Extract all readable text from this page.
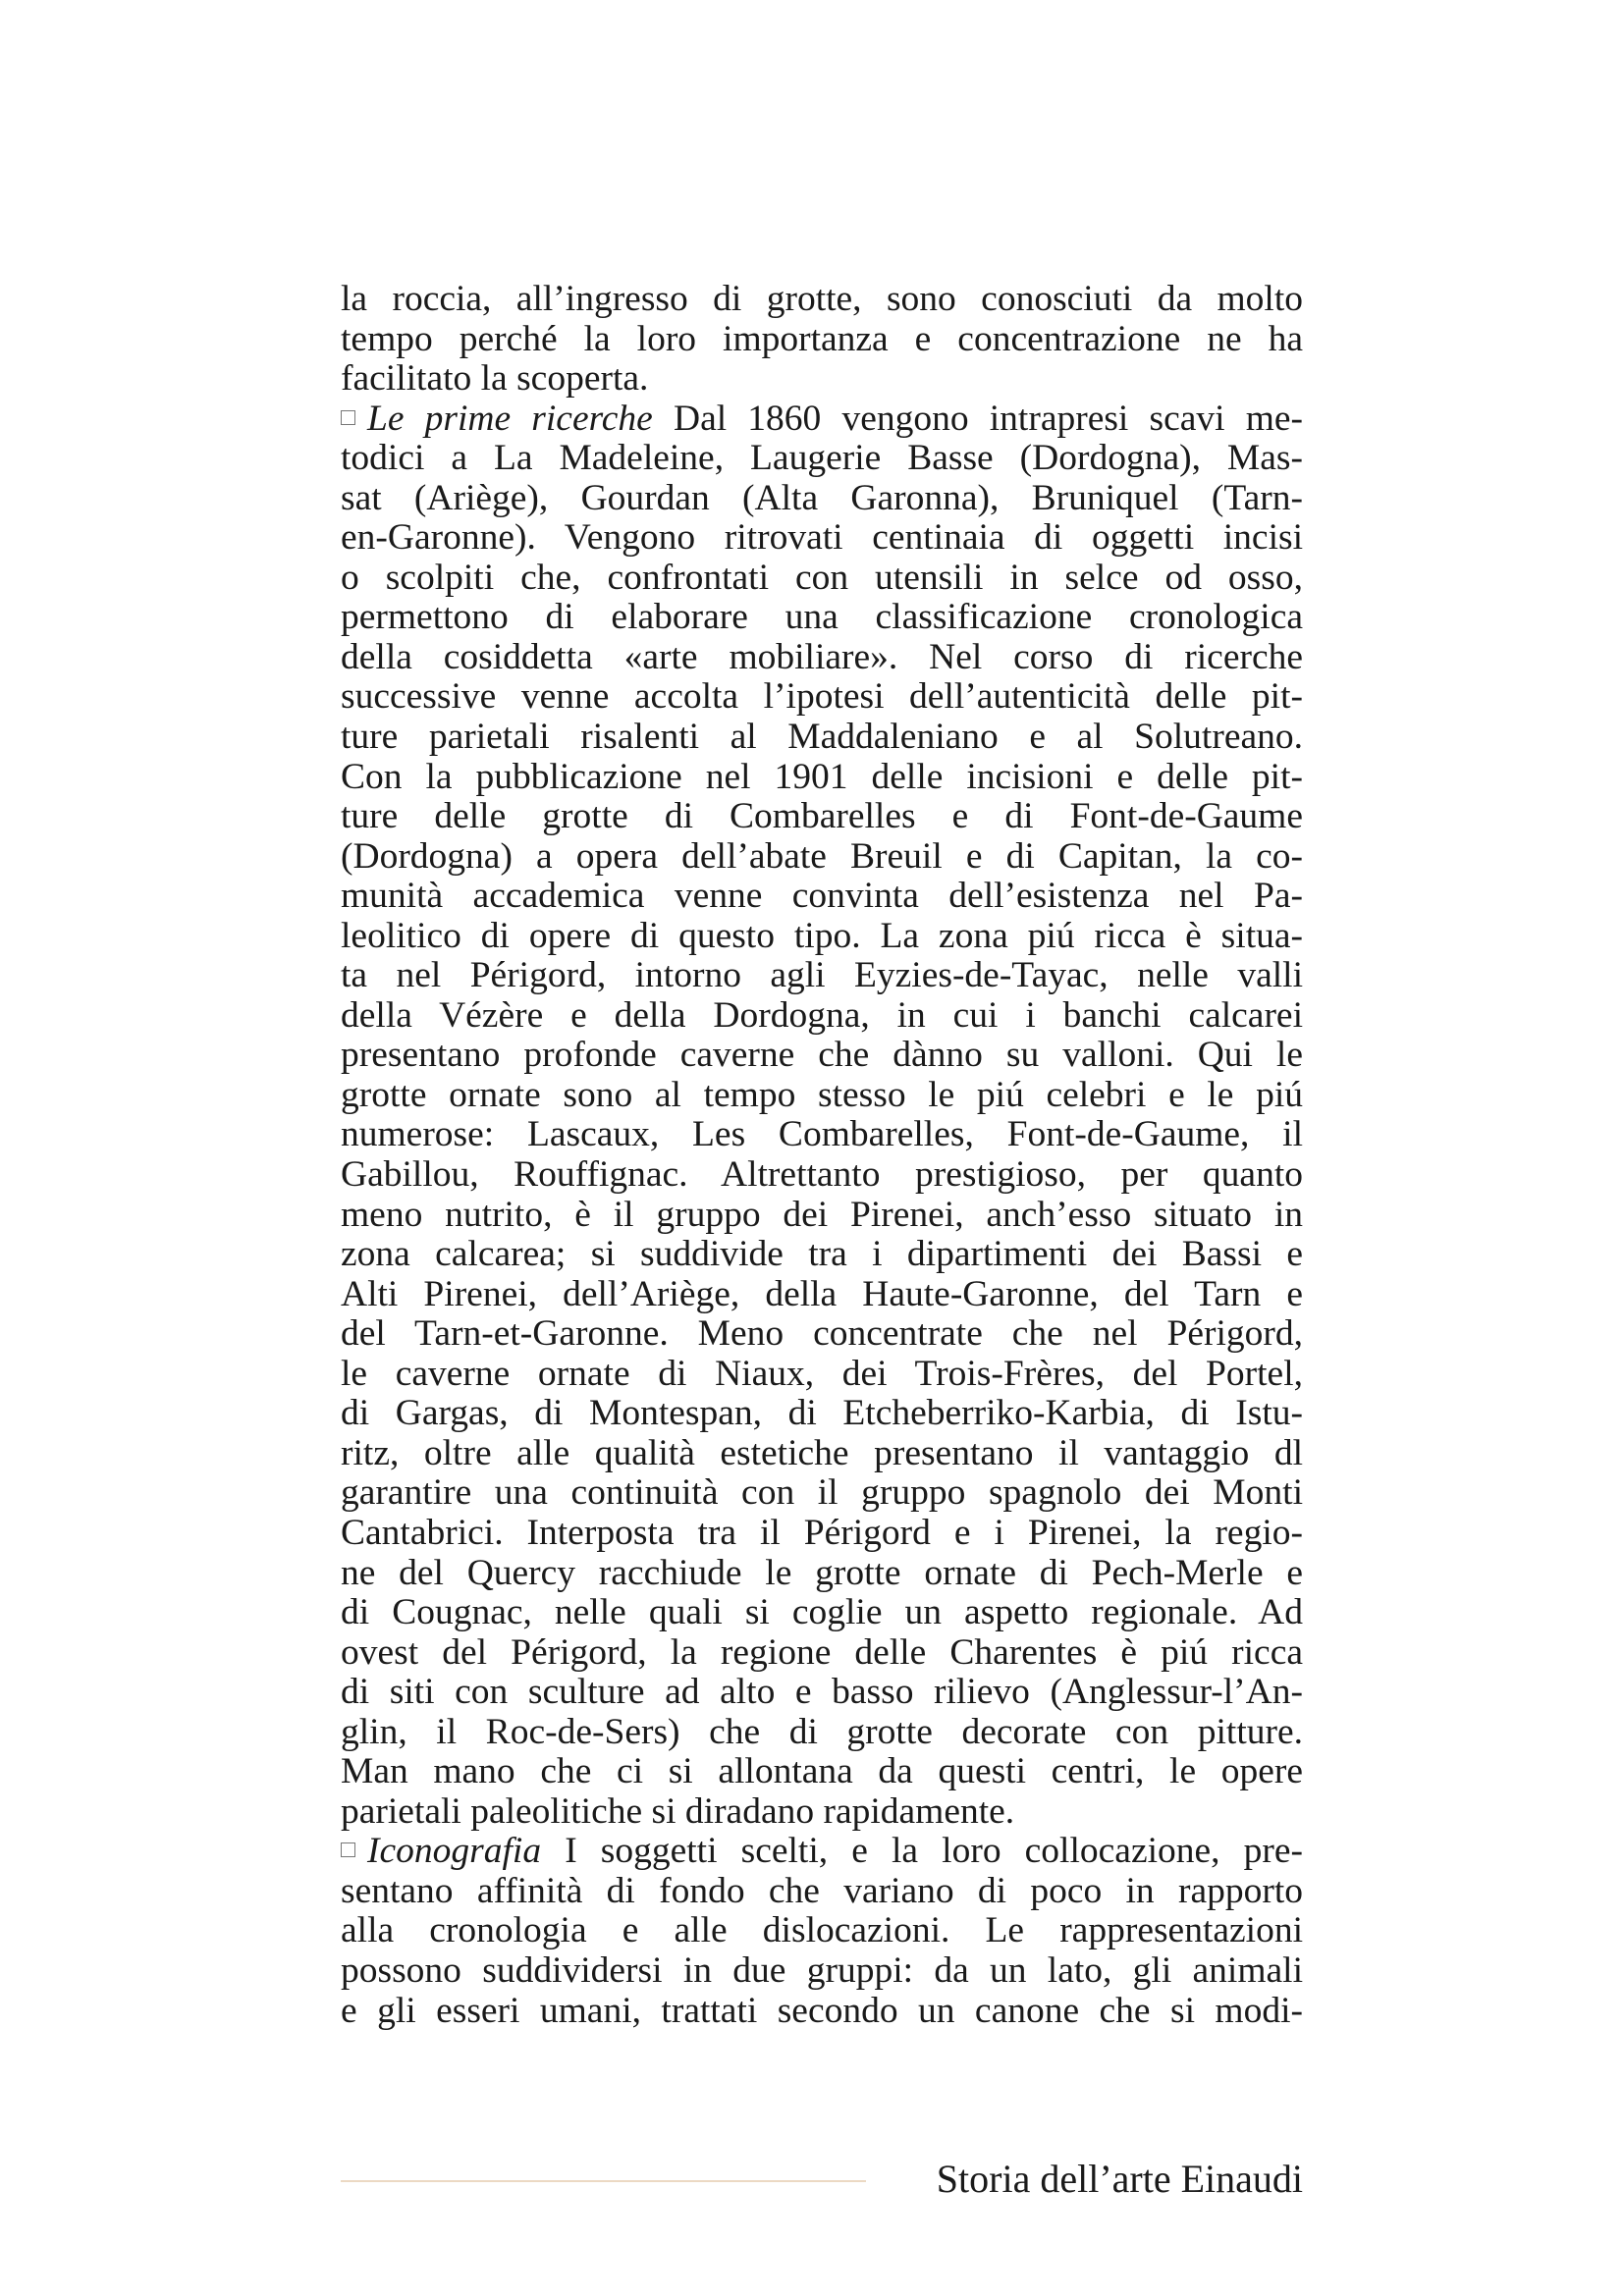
la roccia, all’ingresso di grotte, sono conosciuti da molto
tempo perché la loro importanza e concentrazione ne ha
facilitato la scoperta.
Le prime ricerche Dal 1860 vengono intrapresi scavi me-
todici a La Madeleine, Laugerie Basse (Dordogna), Mas-
sat (Ariège), Gourdan (Alta Garonna), Bruniquel (Tarn-
en-Garonne). Vengono ritrovati centinaia di oggetti incisi
o scolpiti che, confrontati con utensili in selce od osso,
permettono di elaborare una classificazione cronologica
della cosiddetta «arte mobiliare». Nel corso di ricerche
successive venne accolta l’ipotesi dell’autenticità delle pit-
ture parietali risalenti al Maddaleniano e al Solutreano.
Con la pubblicazione nel 1901 delle incisioni e delle pit-
ture delle grotte di Combarelles e di Font-de-Gaume
(Dordogna) a opera dell’abate Breuil e di Capitan, la co-
munità accademica venne convinta dell’esistenza nel Pa-
leolitico di opere di questo tipo. La zona piú ricca è situa-
ta nel Périgord, intorno agli Eyzies-de-Tayac, nelle valli
della Vézère e della Dordogna, in cui i banchi calcarei
presentano profonde caverne che dànno su valloni. Qui le
grotte ornate sono al tempo stesso le piú celebri e le piú
numerose: Lascaux, Les Combarelles, Font-de-Gaume, il
Gabillou, Rouffignac. Altrettanto prestigioso, per quanto
meno nutrito, è il gruppo dei Pirenei, anch’esso situato in
zona calcarea; si suddivide tra i dipartimenti dei Bassi e
Alti Pirenei, dell’Ariège, della Haute-Garonne, del Tarn e
del Tarn-et-Garonne. Meno concentrate che nel Périgord,
le caverne ornate di Niaux, dei Trois-Frères, del Portel,
di Gargas, di Montespan, di Etcheberriko-Karbia, di Istu-
ritz, oltre alle qualità estetiche presentano il vantaggio dl
garantire una continuità con il gruppo spagnolo dei Monti
Cantabrici. Interposta tra il Périgord e i Pirenei, la regio-
ne del Quercy racchiude le grotte ornate di Pech-Merle e
di Cougnac, nelle quali si coglie un aspetto regionale. Ad
ovest del Périgord, la regione delle Charentes è piú ricca
di siti con sculture ad alto e basso rilievo (Anglessur-l’An-
glin, il Roc-de-Sers) che di grotte decorate con pitture.
Man mano che ci si allontana da questi centri, le opere
parietali paleolitiche si diradano rapidamente.
Iconografia I soggetti scelti, e la loro collocazione, pre-
sentano affinità di fondo che variano di poco in rapporto
alla cronologia e alle dislocazioni. Le rappresentazioni
possono suddividersi in due gruppi: da un lato, gli animali
e gli esseri umani, trattati secondo un canone che si modi-
Storia dell’arte Einaudi
